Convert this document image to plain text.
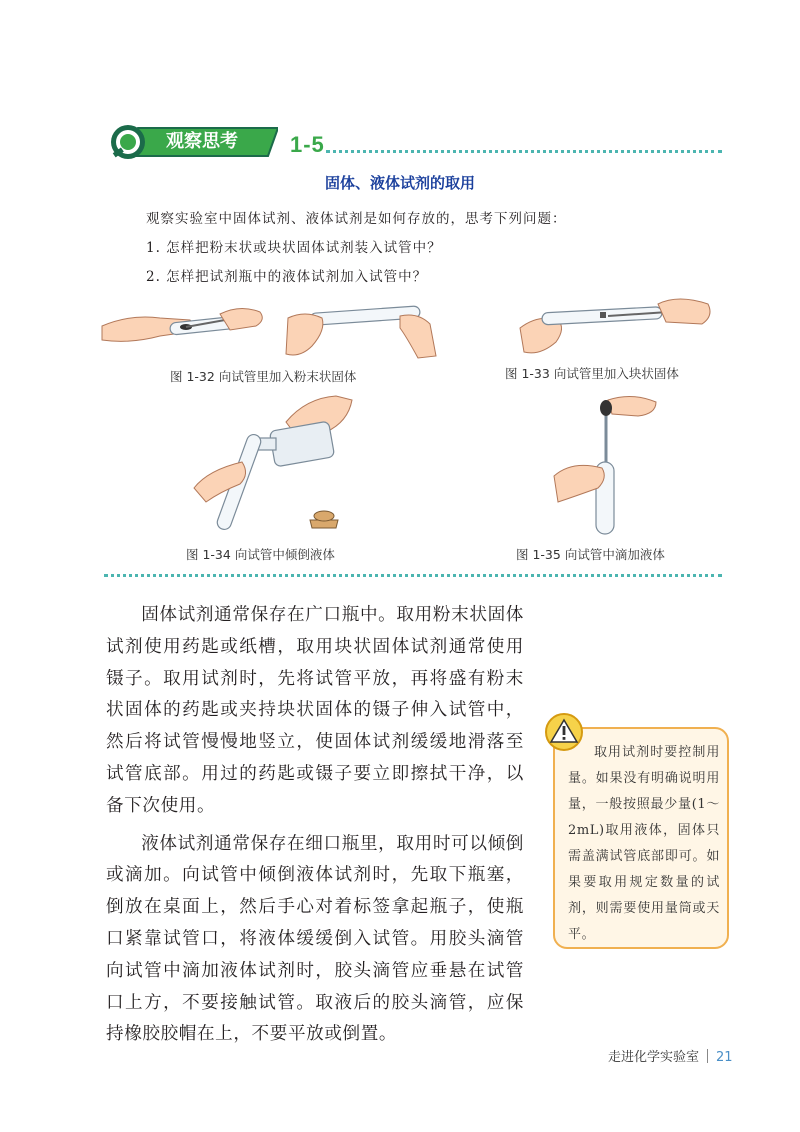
观察思考	1-5
固体、液体试剂的取用
观察实验室中固体试剂、液体试剂是如何存放的，思考下列问题：
1. 怎样把粉末状或块状固体试剂装入试管中？
2. 怎样把试剂瓶中的液体试剂加入试管中？
图 1-32 向试管里加入粉末状固体	图 1-33 向试管里加入块状固体
图 1-34 向试管中倾倒液体	图 1-35 向试管中滴加液体

固体试剂通常保存在广口瓶中。取用粉末状固体试剂使用药匙或纸槽，取用块状固体试剂通常使用镊子。取用试剂时，先将试管平放，再将盛有粉末状固体的药匙或夹持块状固体的镊子伸入试管中，然后将试管慢慢地竖立，使固体试剂缓缓地滑落至试管底部。用过的药匙或镊子要立即擦拭干净，以备下次使用。

液体试剂通常保存在细口瓶里，取用时可以倾倒或滴加。向试管中倾倒液体试剂时，先取下瓶塞，倒放在桌面上，然后手心对着标签拿起瓶子，使瓶口紧靠试管口，将液体缓缓倒入试管。用胶头滴管向试管中滴加液体试剂时，胶头滴管应垂悬在试管口上方，不要接触试管。取液后的胶头滴管，应保持橡胶胶帽在上，不要平放或倒置。

取用试剂时要控制用量。如果没有明确说明用量，一般按照最少量(1～2mL)取用液体，固体只需盖满试管底部即可。如果要取用规定数量的试剂，则需要使用量筒或天平。

走进化学实验室 21
